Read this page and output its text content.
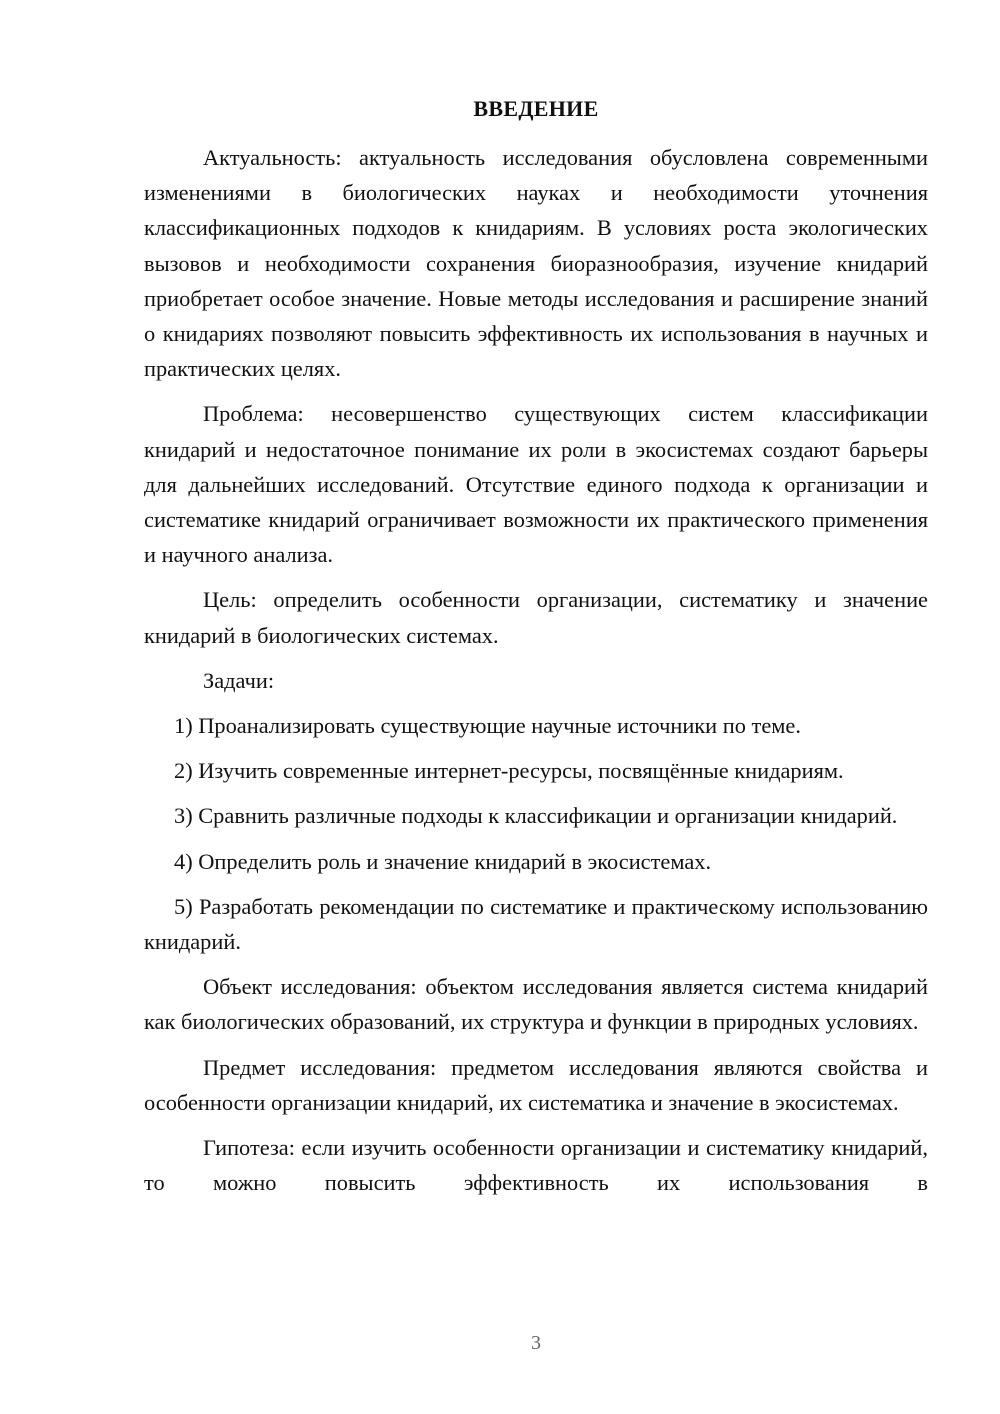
ВВЕДЕНИЕ

Актуальность: актуальность исследования обусловлена современными изменениями в биологических науках и необходимости уточнения классификационных подходов к книдариям. В условиях роста экологических вызовов и необходимости сохранения биоразнообразия, изучение книдарий приобретает особое значение. Новые методы исследования и расширение знаний о книдариях позволяют повысить эффективность их использования в научных и практических целях.

Проблема: несовершенство существующих систем классификации книдарий и недостаточное понимание их роли в экосистемах создают барьеры для дальнейших исследований. Отсутствие единого подхода к организации и систематике книдарий ограничивает возможности их практического применения и научного анализа.

Цель: определить особенности организации, систематику и значение книдарий в биологических системах.

Задачи:

1) Проанализировать существующие научные источники по теме.

2) Изучить современные интернет-ресурсы, посвящённые книдариям.

3) Сравнить различные подходы к классификации и организации книдарий.

4) Определить роль и значение книдарий в экосистемах.

5) Разработать рекомендации по систематике и практическому использованию книдарий.

Объект исследования: объектом исследования является система книдарий как биологических образований, их структура и функции в природных условиях.

Предмет исследования: предметом исследования являются свойства и особенности организации книдарий, их систематика и значение в экосистемах.

Гипотеза: если изучить особенности организации и систематику книдарий, то можно повысить эффективность их использования в

3
